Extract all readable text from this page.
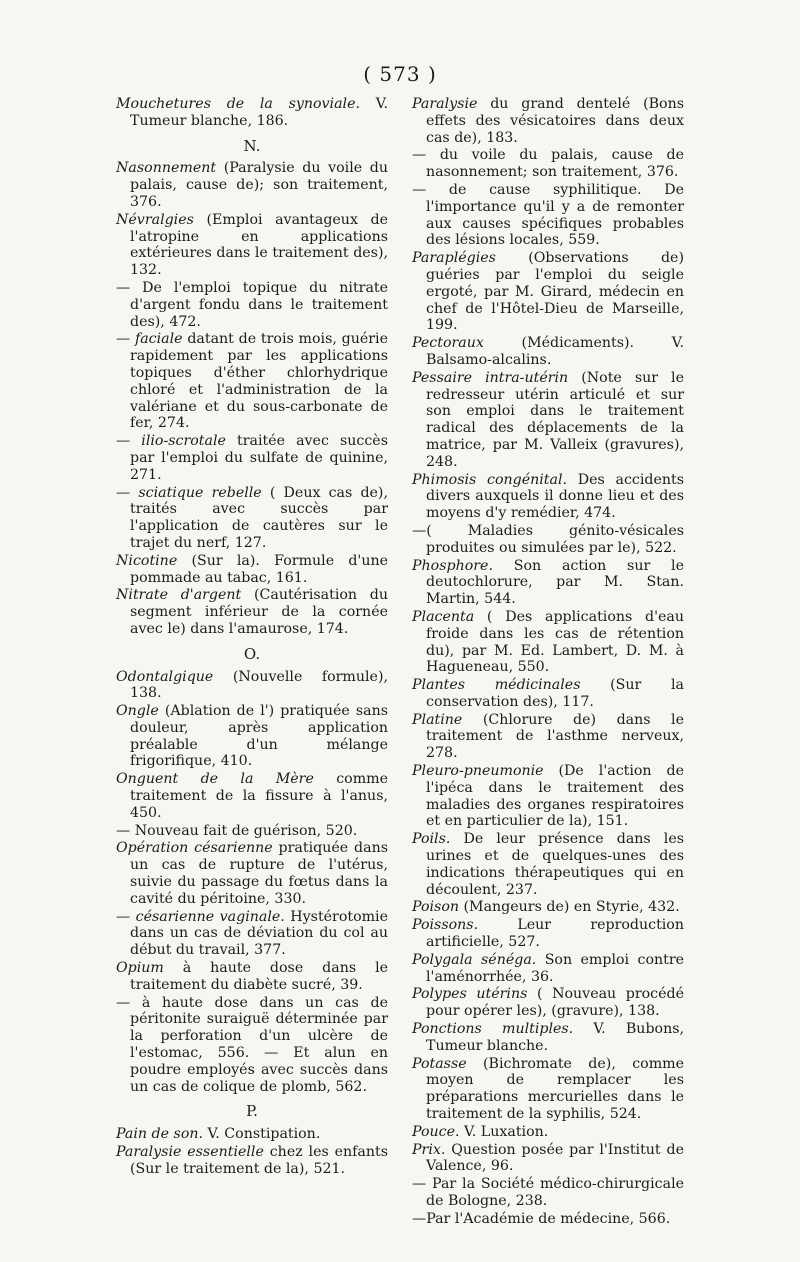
( 573 )
Mouchetures de la synoviale. V. Tumeur blanche, 186.
N.
Nasonnement (Paralysie du voile du palais, cause de); son traitement, 376.
Névralgies (Emploi avantageux de l'atropine en applications extérieures dans le traitement des), 132.
— De l'emploi topique du nitrate d'argent fondu dans le traitement des), 472.
— faciale datant de trois mois, guérie rapidement par les applications topiques d'éther chlorhydrique chloré et l'administration de la valériane et du sous-carbonate de fer, 274.
— ilio-scrotale traitée avec succès par l'emploi du sulfate de quinine, 271.
— sciatique rebelle ( Deux cas de), traités avec succès par l'application de cautères sur le trajet du nerf, 127.
Nicotine (Sur la). Formule d'une pommade au tabac, 161.
Nitrate d'argent (Cautérisation du segment inférieur de la cornée avec le) dans l'amaurose, 174.
O.
Odontalgique (Nouvelle formule), 138.
Ongle (Ablation de l') pratiquée sans douleur, après application préalable d'un mélange frigorifique, 410.
Onguent de la Mère comme traitement de la fissure à l'anus, 450.
— Nouveau fait de guérison, 520.
Opération césarienne pratiquée dans un cas de rupture de l'utérus, suivie du passage du fœtus dans la cavité du péritoine, 330.
— césarienne vaginale. Hystérotomie dans un cas de déviation du col au début du travail, 377.
Opium à haute dose dans le traitement du diabète sucré, 39.
— à haute dose dans un cas de péritonite suraiguë déterminée par la perforation d'un ulcère de l'estomac, 556. — Et alun en poudre employés avec succès dans un cas de colique de plomb, 562.
P.
Pain de son. V. Constipation.
Paralysie essentielle chez les enfants (Sur le traitement de la), 521.
Paralysie du grand dentelé (Bons effets des vésicatoires dans deux cas de), 183.
— du voile du palais, cause de nasonnement; son traitement, 376.
— de cause syphilitique. De l'importance qu'il y a de remonter aux causes spécifiques probables des lésions locales, 559.
Paraplégies (Observations de) guéries par l'emploi du seigle ergoté, par M. Girard, médecin en chef de l'Hôtel-Dieu de Marseille, 199.
Pectoraux (Médicaments). V. Balsamo-alcalins.
Pessaire intra-utérin (Note sur le redresseur utérin articulé et sur son emploi dans le traitement radical des déplacements de la matrice, par M. Valleix (gravures), 248.
Phimosis congénital. Des accidents divers auxquels il donne lieu et des moyens d'y remédier, 474.
—( Maladies génito-vésicales produites ou simulées par le), 522.
Phosphore. Son action sur le deutochlorure, par M. Stan. Martin, 544.
Placenta ( Des applications d'eau froide dans les cas de rétention du), par M. Ed. Lambert, D. M. à Hagueneau, 550.
Plantes médicinales (Sur la conservation des), 117.
Platine (Chlorure de) dans le traitement de l'asthme nerveux, 278.
Pleuro-pneumonie (De l'action de l'ipéca dans le traitement des maladies des organes respiratoires et en particulier de la), 151.
Poils. De leur présence dans les urines et de quelques-unes des indications thérapeutiques qui en découlent, 237.
Poison (Mangeurs de) en Styrie, 432.
Poissons. Leur reproduction artificielle, 527.
Polygala sénéga. Son emploi contre l'aménorrhée, 36.
Polypes utérins ( Nouveau procédé pour opérer les), (gravure), 138.
Ponctions multiples. V. Bubons, Tumeur blanche.
Potasse (Bichromate de), comme moyen de remplacer les préparations mercurielles dans le traitement de la syphilis, 524.
Pouce. V. Luxation.
Prix. Question posée par l'Institut de Valence, 96.
— Par la Société médico-chirurgicale de Bologne, 238.
—Par l'Académie de médecine, 566.
